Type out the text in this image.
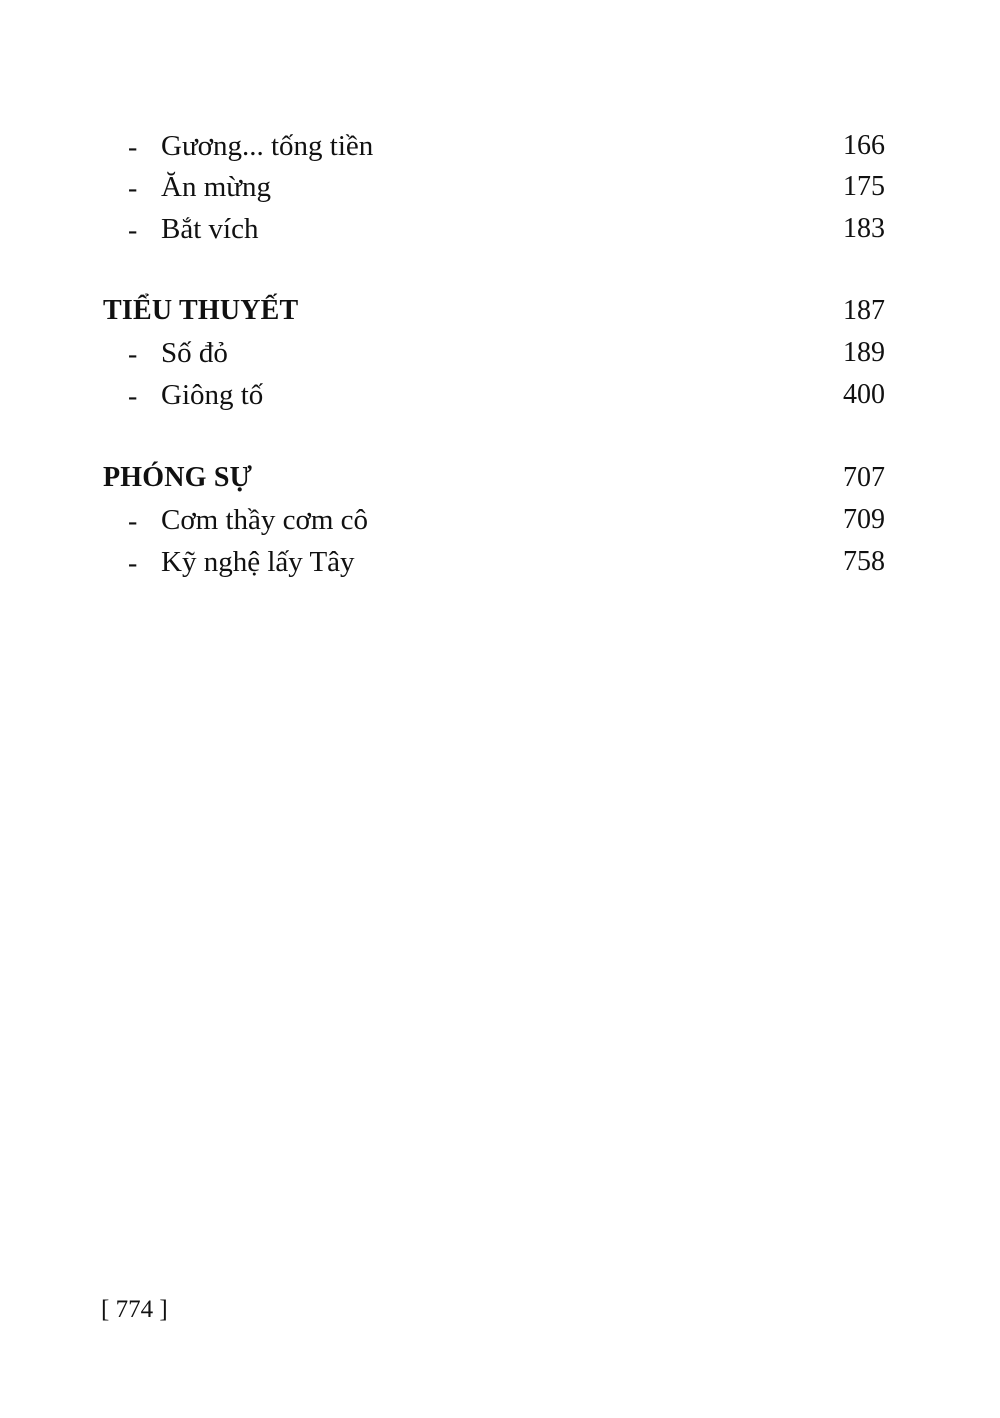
- Gương... tống tiền	166
- Ăn mừng	175
- Bắt vích	183
TIỂU THUYẾT	187
- Số đỏ	189
- Giông tố	400
PHÓNG SỰ	707
- Cơm thầy cơm cô	709
- Kỹ nghệ lấy Tây	758
[ 774 ]
